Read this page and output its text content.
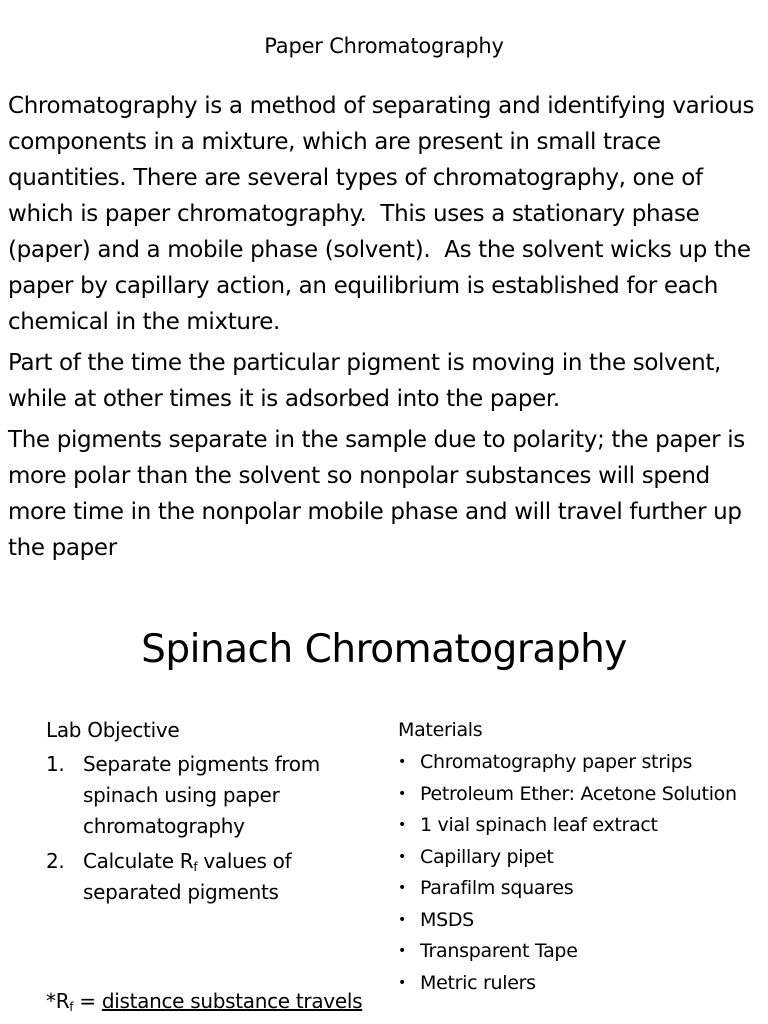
Paper Chromatography

Chromatography is a method of separating and identifying various components in a mixture, which are present in small trace quantities. There are several types of chromatography, one of which is paper chromatography.  This uses a stationary phase (paper) and a mobile phase (solvent).  As the solvent wicks up the paper by capillary action, an equilibrium is established for each chemical in the mixture.

Part of the time the particular pigment is moving in the solvent, while at other times it is adsorbed into the paper.

The pigments separate in the sample due to polarity; the paper is more polar than the solvent so nonpolar substances will spend more time in the nonpolar mobile phase and will travel further up the paper

Spinach Chromatography
Lab Objective
1. Separate pigments from spinach using paper chromatography
2. Calculate $R_f$ values of separated pigments
$*R_f$ = distance substance travels
Materials
• Chromatography paper strips
• Petroleum Ether: Acetone Solution
• 1 vial spinach leaf extract
• Capillary pipet
• Parafilm squares
• MSDS
• Transparent Tape
• Metric rulers
